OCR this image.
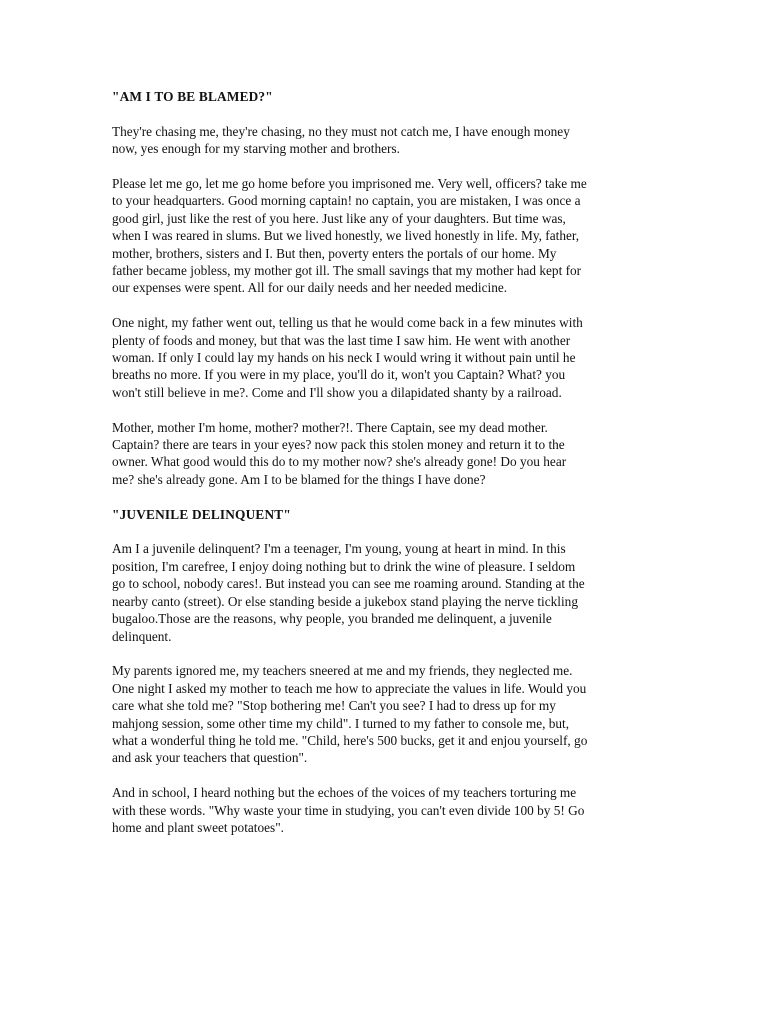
"AM I TO BE BLAMED?"
They're chasing me, they're chasing, no they must not catch me, I have enough money
now, yes enough for my starving mother and brothers.
Please let me go, let me go home before you imprisoned me. Very well, officers? take me
to your headquarters. Good morning captain! no captain, you are mistaken, I was once a
good girl, just like the rest of you here. Just like any of your daughters. But time was,
when I was reared in slums. But we lived honestly, we lived honestly in life. My, father,
mother, brothers, sisters and I. But then, poverty enters the portals of our home. My
father became jobless, my mother got ill. The small savings that my mother had kept for
our expenses were spent. All for our daily needs and her needed medicine.
One night, my father went out, telling us that he would come back in a few minutes with
plenty of foods and money, but that was the last time I saw him. He went with another
woman. If only I could lay my hands on his neck I would wring it without pain until he
breaths no more. If you were in my place, you'll do it, won't you Captain? What? you
won't still believe in me?. Come and I'll show you a dilapidated shanty by a railroad.
Mother, mother I'm home, mother? mother?!. There Captain, see my dead mother.
Captain? there are tears in your eyes? now pack this stolen money and return it to the
owner. What good would this do to my mother now? she's already gone! Do you hear
me? she's already gone. Am I to be blamed for the things I have done?
"JUVENILE DELINQUENT"
Am I a juvenile delinquent? I'm a teenager, I'm young, young at heart in mind. In this
position, I'm carefree, I enjoy doing nothing but to drink the wine of pleasure. I seldom
go to school, nobody cares!. But instead you can see me roaming around. Standing at the
nearby canto (street). Or else standing beside a jukebox stand playing the nerve tickling
bugaloo.Those are the reasons, why people, you branded me delinquent, a juvenile
delinquent.
My parents ignored me, my teachers sneered at me and my friends, they neglected me.
One night I asked my mother to teach me how to appreciate the values in life. Would you
care what she told me? "Stop bothering me! Can't you see? I had to dress up for my
mahjong session, some other time my child". I turned to my father to console me, but,
what a wonderful thing he told me. "Child, here's 500 bucks, get it and enjou yourself, go
and ask your teachers that question".
And in school, I heard nothing but the echoes of the voices of my teachers torturing me
with these words. "Why waste your time in studying, you can't even divide 100 by 5! Go
home and plant sweet potatoes".
